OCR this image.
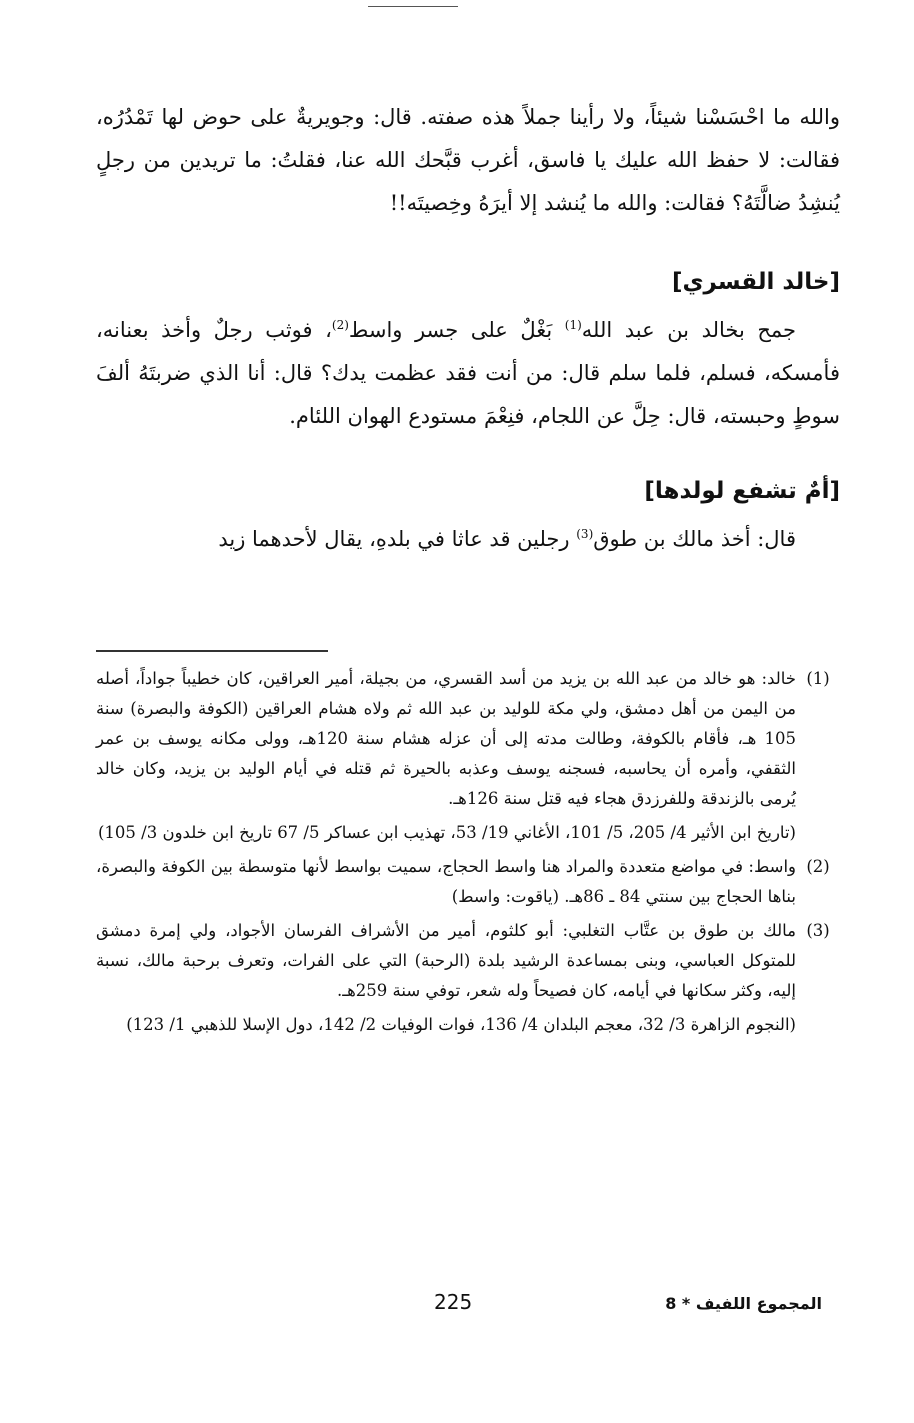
والله ما احْسَسْنا شيئاً، ولا رأينا جملاً هذه صفته. قال: وجويريةٌ على حوض لها تَمْدُرُه، فقالت: لا حفظ الله عليك يا فاسق، أغرب قبَّحك الله عنا، فقلتُ: ما تريدين من رجلٍ يُنشِدُ ضالَّتَهُ؟ فقالت: والله ما يُنشد إلا أيرَهُ وخِصيتَه!!

[خالد القسري]

جمح بخالد بن عبد الله$^{(1)}$ بَغْلٌ على جسر واسط$^{(2)}$، فوثب رجلٌ وأخذ بعنانه، فأمسكه، فسلم، فلما سلم قال: من أنت فقد عظمت يدك؟ قال: أنا الذي ضربتَهُ ألفَ سوطٍ وحبسته، قال: حِلَّ عن اللجام، فنِعْمَ مستودع الهوان اللئام.

[أمٌ تشفع لولدها]

قال: أخذ مالك بن طوق$^{(3)}$ رجلين قد عاثا في بلدهِ، يقال لأحدهما زيد

(1)

خالد: هو خالد من عبد الله بن يزيد من أسد القسري، من بجيلة، أمير العراقين، كان خطيباً جواداً، أصله من اليمن من أهل دمشق، ولي مكة للوليد بن عبد الله ثم ولاه هشام العراقين (الكوفة والبصرة) سنة 105 هـ، فأقام بالكوفة، وطالت مدته إلى أن عزله هشام سنة 120هـ، وولى مكانه يوسف بن عمر الثقفي، وأمره أن يحاسبه، فسجنه يوسف وعذبه بالحيرة ثم قتله في أيام الوليد بن يزيد، وكان خالد يُرمى بالزندقة وللفرزدق هجاء فيه قتل سنة 126هـ.

(تاريخ ابن الأثير 4/ 205، 5/ 101، الأغاني 19/ 53، تهذيب ابن عساكر 5/ 67 تاريخ ابن خلدون 3/ 105)

(2)

واسط: في مواضع متعددة والمراد هنا واسط الحجاج، سميت بواسط لأنها متوسطة بين الكوفة والبصرة، بناها الحجاج بين سنتي 84 ـ 86هـ. (ياقوت: واسط)

(3)

مالك بن طوق بن عتَّاب التغلبي: أبو كلثوم، أمير من الأشراف الفرسان الأجواد، ولي إمرة دمشق للمتوكل العباسي، وبنى بمساعدة الرشيد بلدة (الرحبة) التي على الفرات، وتعرف برحبة مالك، نسبة إليه، وكثر سكانها في أيامه، كان فصيحاً وله شعر، توفي سنة 259هـ.

(النجوم الزاهرة 3/ 32، معجم البلدان 4/ 136، فوات الوفيات 2/ 142، دول الإسلا للذهبي 1/ 123)

المجموع اللفيف * 8
225
